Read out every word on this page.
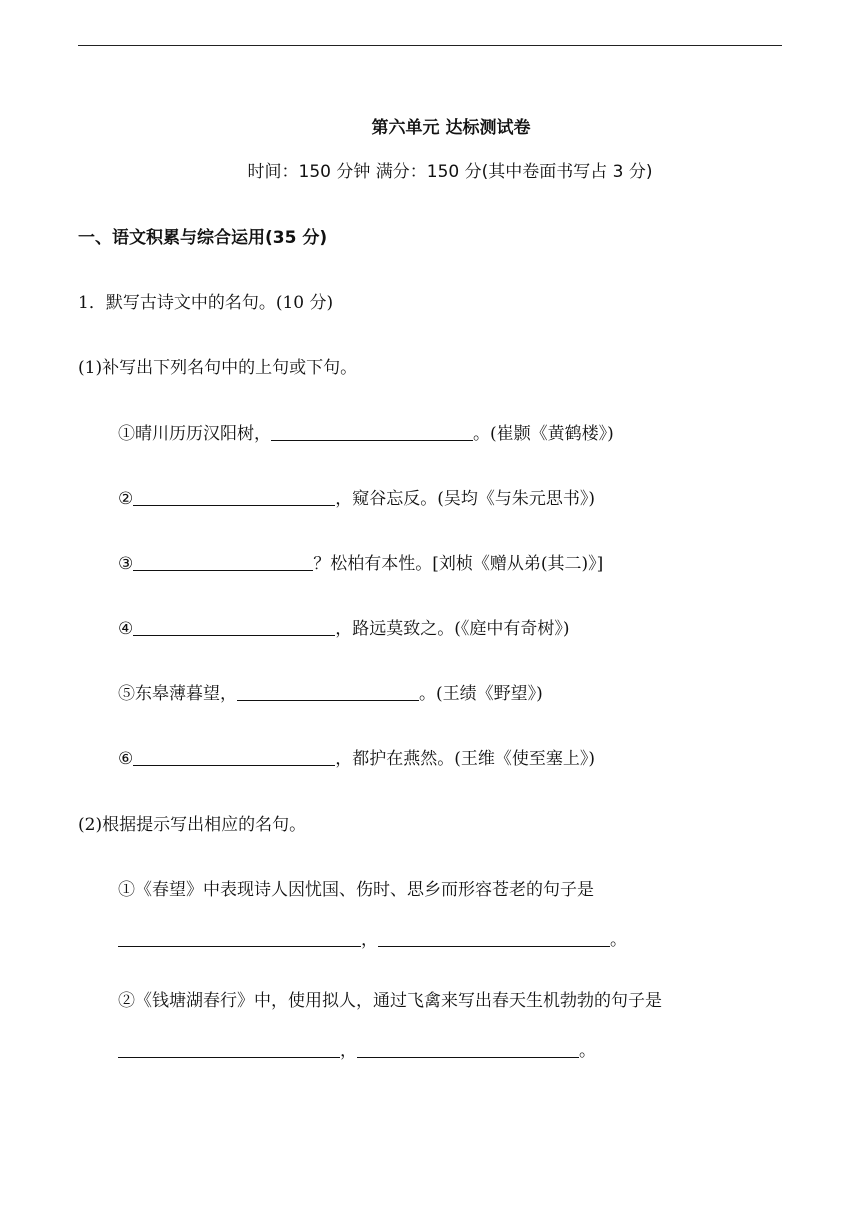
第六单元 达标测试卷
时间：150 分钟 满分：150 分(其中卷面书写占 3 分)
一、语文积累与综合运用(35 分)
1．默写古诗文中的名句。(10 分)
(1)补写出下列名句中的上句或下句。
①晴川历历汉阳树，	。(崔颢《黄鹤楼》)
②	，窥谷忘反。(吴均《与朱元思书》)
③	？松柏有本性。[刘桢《赠从弟(其二)》]
④	，路远莫致之。(《庭中有奇树》)
⑤东皋薄暮望，	。(王绩《野望》)
⑥	，都护在燕然。(王维《使至塞上》)
(2)根据提示写出相应的名句。
①《春望》中表现诗人因忧国、伤时、思乡而形容苍老的句子是
，	。
②《钱塘湖春行》中，使用拟人，通过飞禽来写出春天生机勃勃的句子是
，	。
